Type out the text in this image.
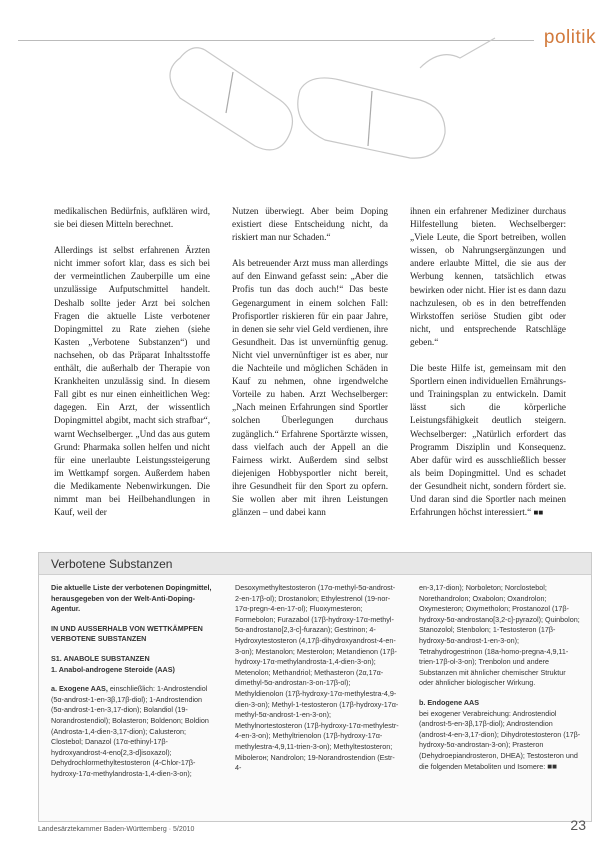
politik

medikalischen Bedürfnis, aufklären wird, sie bei diesen Mitteln berechnet.

Allerdings ist selbst erfahrenen Ärzten nicht immer sofort klar, dass es sich bei der vermeintlichen Zauberpille um eine unzulässige Aufputschmittel handelt. Deshalb sollte jeder Arzt bei solchen Fragen die aktuelle Liste verbotener Dopingmittel zu Rate ziehen (siehe Kasten „Verbotene Substanzen“) und nachsehen, ob das Präparat Inhaltsstoffe enthält, die außerhalb der Therapie von Krankheiten unzulässig sind. In diesem Fall gibt es nur einen einheitlichen Weg: dagegen. Ein Arzt, der wissentlich Dopingmittel abgibt, macht sich strafbar“, warnt Wechselberger. „Und das aus gutem Grund: Pharmaka sollen helfen und nicht für eine unerlaubte Leistungssteigerung im Wettkampf sorgen. Außerdem haben die Medikamente Nebenwirkungen. Die nimmt man bei Heilbehandlungen in Kauf, weil der

Nutzen überwiegt. Aber beim Doping existiert diese Entscheidung nicht, da riskiert man nur Schaden.“

Als betreuender Arzt muss man allerdings auf den Einwand gefasst sein: „Aber die Profis tun das doch auch!“ Das beste Gegenargument in einem solchen Fall: Profisportler riskieren für ein paar Jahre, in denen sie sehr viel Geld verdienen, ihre Gesundheit. Das ist unvernünftig genug. Nicht viel unvernünftiger ist es aber, nur die Nachteile und möglichen Schäden in Kauf zu nehmen, ohne irgendwelche Vorteile zu haben. Arzt Wechselberger: „Nach meinen Erfahrungen sind Sportler solchen Überlegungen durchaus zugänglich.“ Erfahrene Sportärzte wissen, dass vielfach auch der Appell an die Fairness wirkt. Außerdem sind selbst diejenigen Hobbysportler nicht bereit, ihre Gesundheit für den Sport zu opfern. Sie wollen aber mit ihren Leistungen glänzen – und dabei kann

ihnen ein erfahrener Mediziner durchaus Hilfestellung bieten. Wechselberger: „Viele Leute, die Sport betreiben, wollen wissen, ob Nahrungsergänzungen und andere erlaubte Mittel, die sie aus der Werbung kennen, tatsächlich etwas bewirken oder nicht. Hier ist es dann dazu nachzulesen, ob es in den betreffenden Wirkstoffen seriöse Studien gibt oder nicht, und entsprechende Ratschläge geben.“

Die beste Hilfe ist, gemeinsam mit den Sportlern einen individuellen Ernährungs- und Trainingsplan zu entwickeln. Damit lässt sich die körperliche Leistungsfähigkeit deutlich steigern. Wechselberger: „Natürlich erfordert das Programm Disziplin und Konsequenz. Aber dafür wird es ausschließlich besser als beim Dopingmittel. Und es schadet der Gesundheit nicht, sondern fördert sie. Und daran sind die Sportler nach meinen Erfahrungen höchst interessiert.“ ■■

Verbotene Substanzen

Die aktuelle Liste der verbotenen Dopingmittel, herausgegeben von der Welt-Anti-Doping-Agentur.

IN UND AUSSERHALB VON WETTKÄMPFEN VERBOTENE SUBSTANZEN

S1. ANABOLE SUBSTANZEN

1. Anabol-androgene Steroide (AAS)

a. Exogene AAS, einschließlich: 1-Androstendiol (5α-androst-1-en-3β,17β-diol); 1-Androstendion (5α-androst-1-en-3,17-dion); Bolandiol (19-Norandrostendiol); Bolasteron; Boldenon; Boldion (Androsta-1,4-dien-3,17-dion); Calusteron; Clostebol; Danazol (17α-ethinyl-17β-hydroxyandrost-4-eno[2,3-d]isoxazol); Dehydrochlormethyltestosteron (4-Chlor-17β-hydroxy-17α-methylandrosta-1,4-dien-3-on);

Desoxymethyltestosteron (17α-methyl-5α-androst-2-en-17β-ol); Drostanolon; Ethylestrenol (19-nor-17α-pregn-4-en-17-ol); Fluoxymesteron; Formebolon; Furazabol (17β-hydroxy-17α-methyl-5α-androstano[2,3-c]-furazan); Gestrinon; 4-Hydroxytestosteron (4,17β-dihydroxyandrost-4-en-3-on); Mestanolon; Mesterolon; Metandienon (17β-hydroxy-17α-methylandrosta-1,4-dien-3-on); Metenolon; Methandriol; Methasteron (2α,17α-dimethyl-5α-androstan-3-on-17β-ol); Methyldienolon (17β-hydroxy-17α-methylestra-4,9-dien-3-on); Methyl-1-testosteron (17β-hydroxy-17α-methyl-5α-androst-1-en-3-on); Methylnortestosteron (17β-hydroxy-17α-methylestr-4-en-3-on); Methyltrienolon (17β-hydroxy-17α-methylestra-4,9,11-trien-3-on); Methyltestosteron; Mibolerон; Nandrolon; 19-Norandrostendion (Estr-4-

en-3,17-dion); Norboleton; Norclostebol; Norethandrolon; Oxabolon; Oxandrolon; Oxymesteron; Oxymetholon; Prostanozol (17β-hydroxy-5α-androstano[3,2-c]-pyrazol); Quinbolon; Stanozolol; Stenbolon; 1-Testosteron (17β-hydroxy-5α-androst-1-en-3-on); Tetrahydrogestrinon (18a-homo-pregna-4,9,11-trien-17β-ol-3-on); Trenbolon und andere Substanzen mit ähnlicher chemischer Struktur oder ähnlicher biologischer Wirkung.

b. Endogene AAS

bei exogener Verabreichung: Androstendiol (androst-5-en-3β,17β-diol); Androstendion (androst-4-en-3,17-dion); Dihydrotestosteron (17β-hydroxy-5α-androstan-3-on); Prasteron (Dehydroepiandrosteron, DHEA); Testosteron und die folgenden Metaboliten und Isomere: ■■

Landesärztekammer Baden-Württemberg · 5/2010	23
